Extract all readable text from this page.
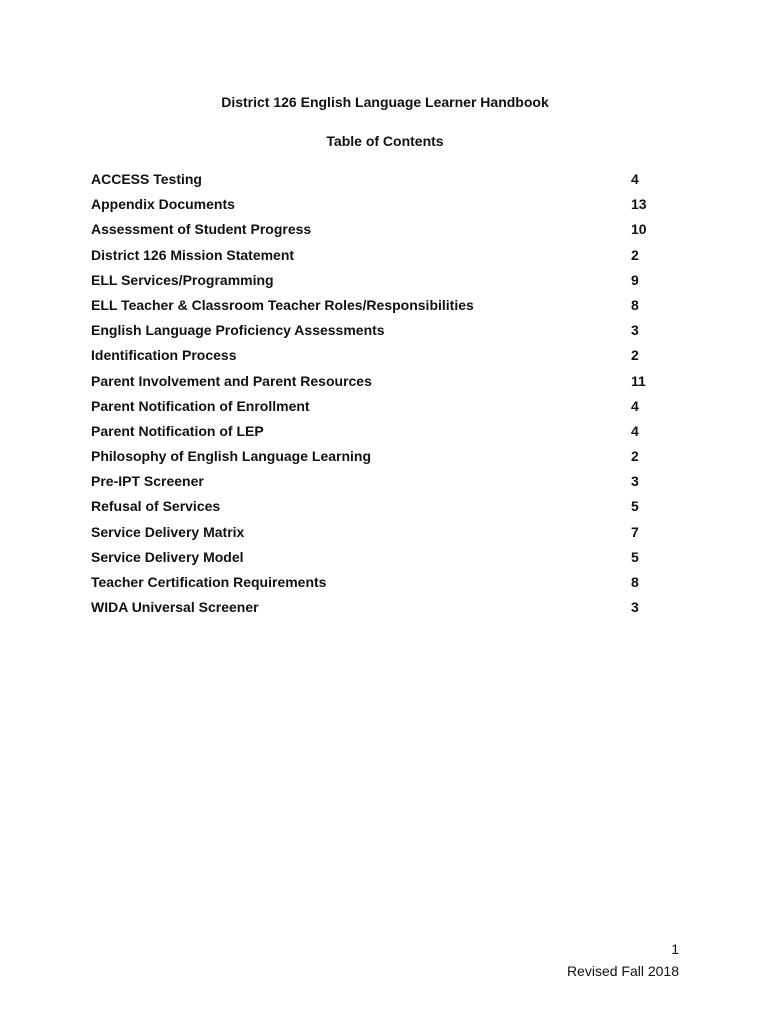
District 126 English Language Learner Handbook
Table of Contents
ACCESS Testing	4
Appendix Documents	13
Assessment of Student Progress	10
District 126 Mission Statement	2
ELL Services/Programming	9
ELL Teacher & Classroom Teacher Roles/Responsibilities	8
English Language Proficiency Assessments	3
Identification Process	2
Parent Involvement and Parent Resources	11
Parent Notification of Enrollment	4
Parent Notification of LEP	4
Philosophy of English Language Learning	2
Pre-IPT Screener	3
Refusal of Services	5
Service Delivery Matrix	7
Service Delivery Model	5
Teacher Certification Requirements	8
WIDA Universal Screener	3
1
Revised Fall 2018
